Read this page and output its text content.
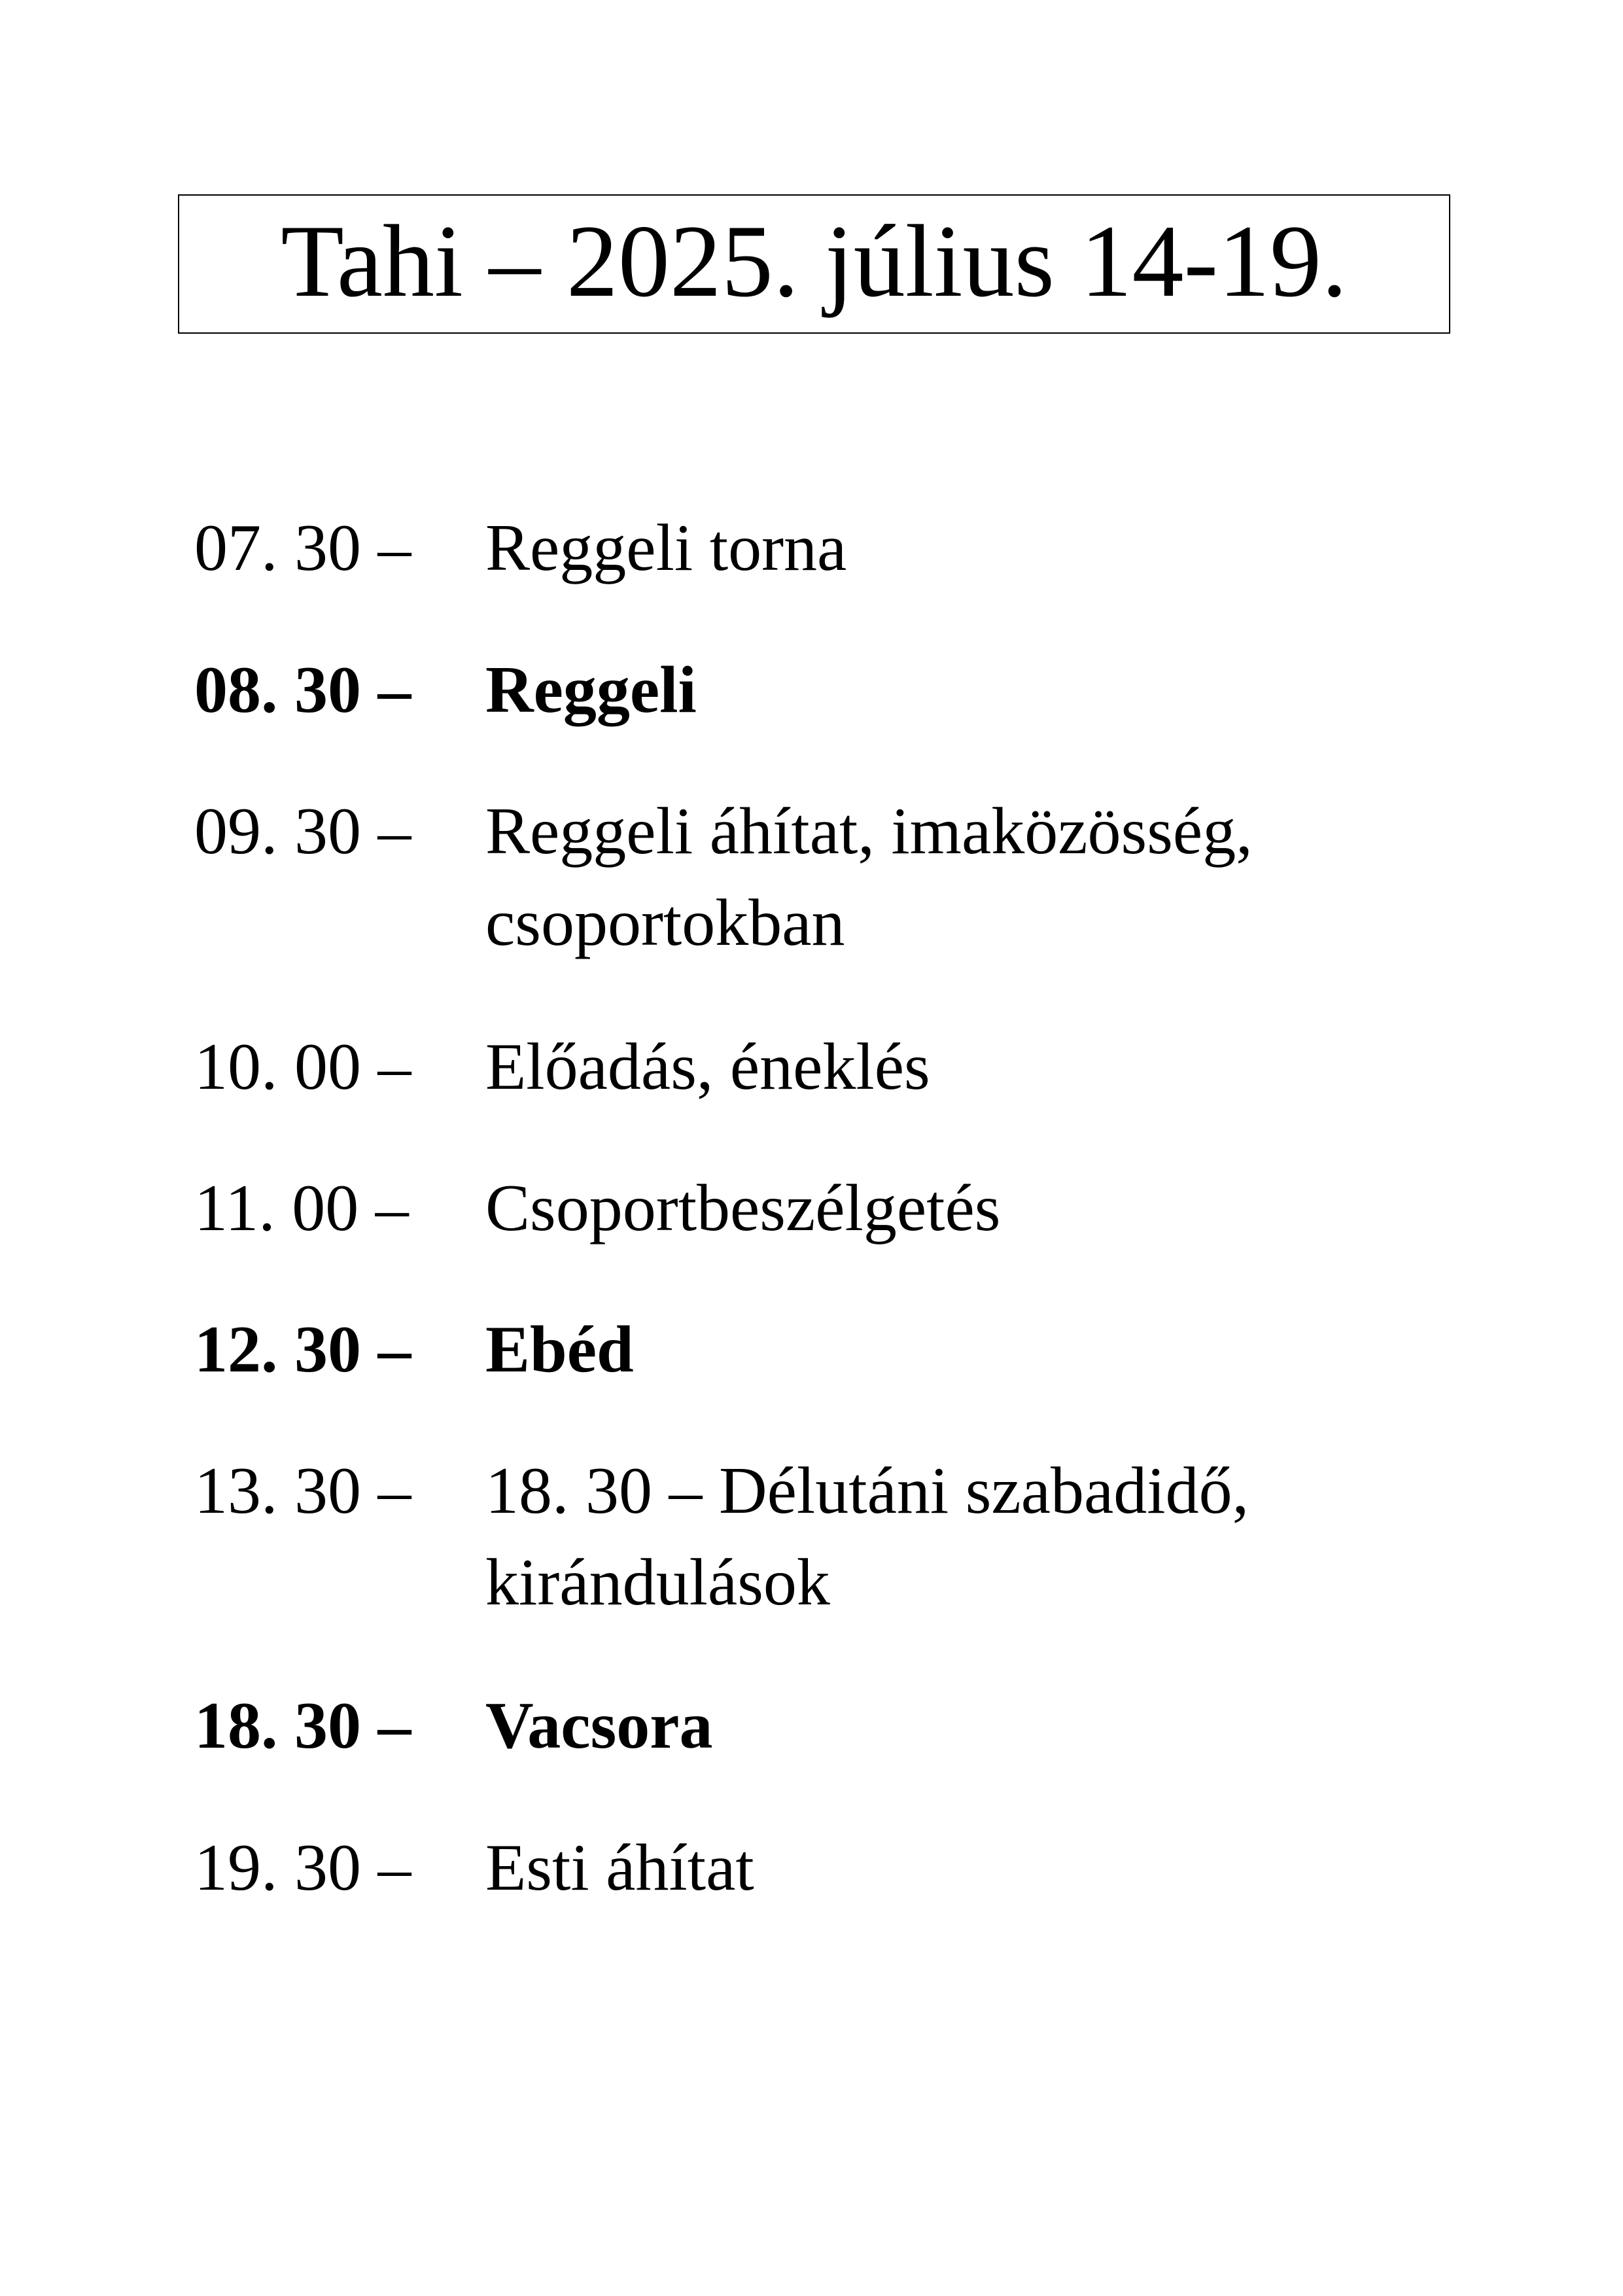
Tahi – 2025. július 14-19.
07. 30 – Reggeli torna
08. 30 – Reggeli
09. 30 – Reggeli áhítat, imaközösség,
csoportokban
10. 00 – Előadás, éneklés
11. 00 – Csoportbeszélgetés
12. 30 – Ebéd
13. 30 – 18. 30 – Délutáni szabadidő,
kirándulások
18. 30 – Vacsora
19. 30 – Esti áhítat
